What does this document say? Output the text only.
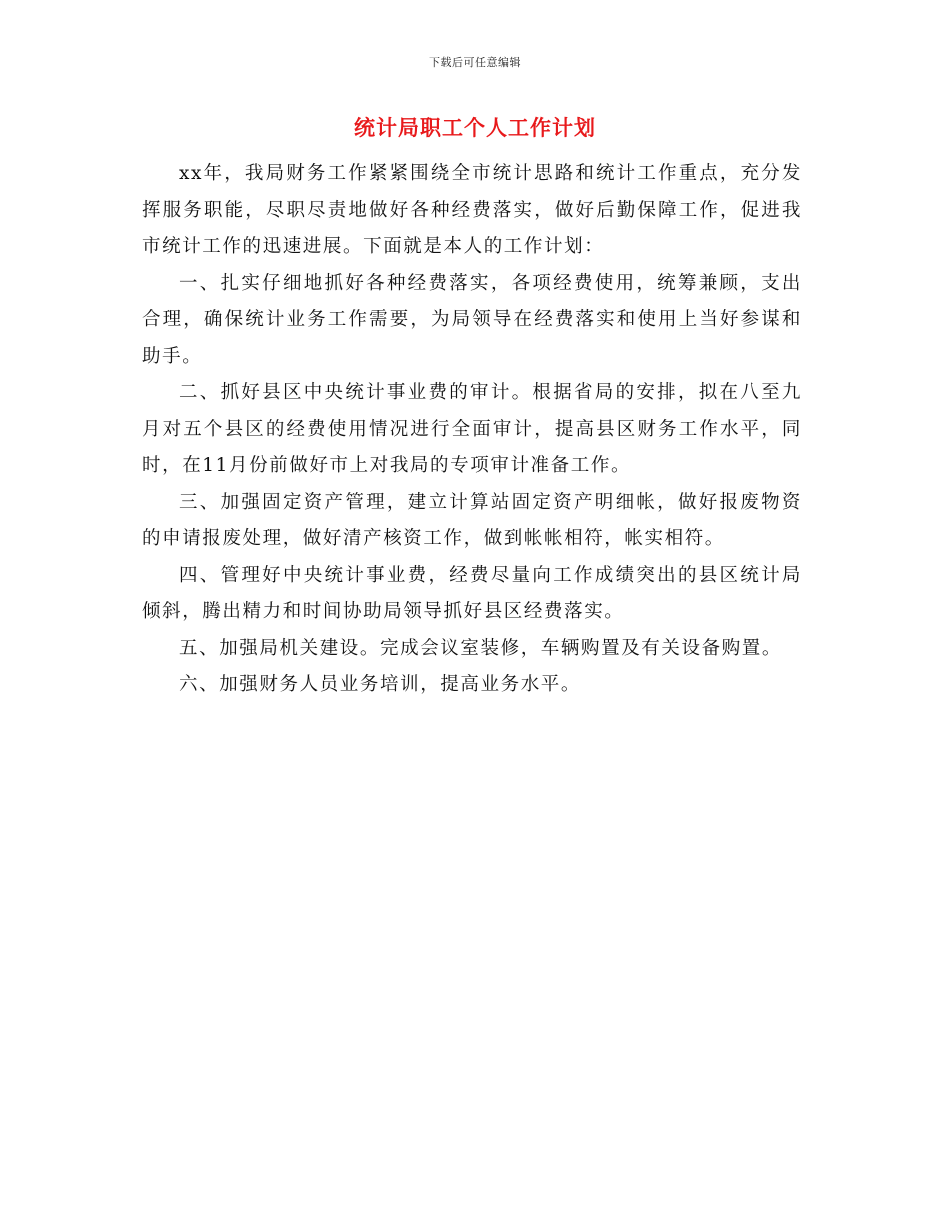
下载后可任意编辑
统计局职工个人工作计划

xx年，我局财务工作紧紧围绕全市统计思路和统计工作重点，充分发挥服务职能，尽职尽责地做好各种经费落实，做好后勤保障工作，促进我市统计工作的迅速进展。下面就是本人的工作计划：

一、扎实仔细地抓好各种经费落实，各项经费使用，统筹兼顾，支出合理，确保统计业务工作需要，为局领导在经费落实和使用上当好参谋和助手。

二、抓好县区中央统计事业费的审计。根据省局的安排，拟在八至九月对五个县区的经费使用情况进行全面审计，提高县区财务工作水平，同时，在11月份前做好市上对我局的专项审计准备工作。

三、加强固定资产管理，建立计算站固定资产明细帐，做好报废物资的申请报废处理，做好清产核资工作，做到帐帐相符，帐实相符。

四、管理好中央统计事业费，经费尽量向工作成绩突出的县区统计局倾斜，腾出精力和时间协助局领导抓好县区经费落实。

五、加强局机关建设。完成会议室装修，车辆购置及有关设备购置。

六、加强财务人员业务培训，提高业务水平。
